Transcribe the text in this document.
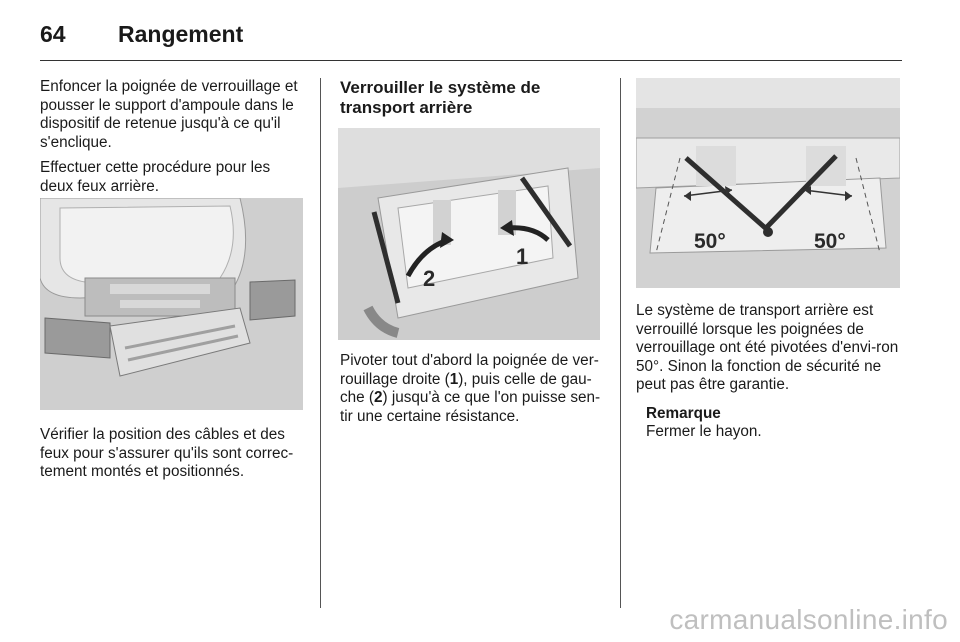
64	Rangement

Enfoncer la poignée de verrouillage et pousser le support d'ampoule dans le dispositif de retenue jusqu'à ce qu'il s'enclique.

Effectuer cette procédure pour les deux feux arrière.

Vérifier la position des câbles et des feux pour s'assurer qu'ils sont correc-tement montés et positionnés.

Verrouiller le système de
transport arrière
2
1

Pivoter tout d'abord la poignée de ver-rouillage droite (1), puis celle de gau-che (2) jusqu'à ce que l'on puisse sen-tir une certaine résistance.

50°	50°

Le système de transport arrière est verrouillé lorsque les poignées de verrouillage ont été pivotées d'envi-ron 50°. Sinon la fonction de sécurité ne peut pas être garantie.

Remarque
Fermer le hayon.
carmanualsonline.info
